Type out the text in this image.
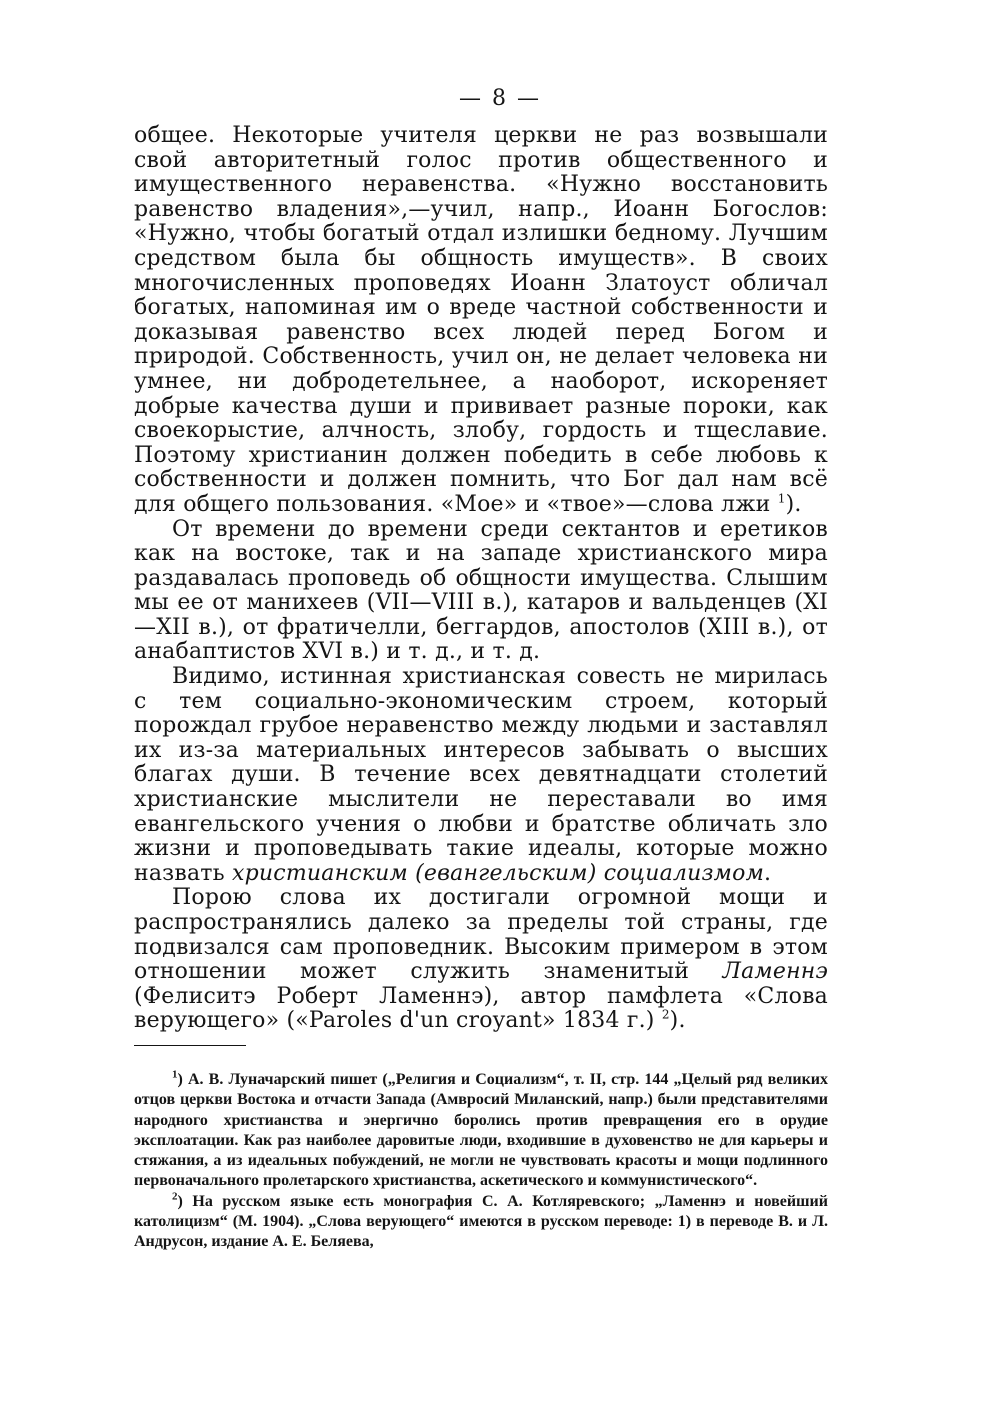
— 8 —

общее. Некоторые учителя церкви не раз возвышали свой авторитетный голос против общественного и имущественного неравенства. «Нужно восстановить равенство владения»,—учил, напр., Иоанн Богослов: «Нужно, чтобы богатый отдал излишки бедному. Лучшим средством была бы общность имуществ». В своих многочисленных проповедях Иоанн Златоуст обличал богатых, напоминая им о вреде частной собственности и доказывая равенство всех людей перед Богом и природой. Собственность, учил он, не делает человека ни умнее, ни добродетельнее, а наоборот, искореняет добрые качества души и прививает разные пороки, как своекорыстие, алчность, злобу, гордость и тщеславие. Поэтому христианин должен победить в себе любовь к собственности и должен помнить, что Бог дал нам всё для общего пользования. «Мое» и «твое»—слова лжи $^1$).

От времени до времени среди сектантов и еретиков как на востоке, так и на западе христианского мира раздавалась проповедь об общности имущества. Слышим мы ее от манихеев (VII—VIII в.), катаров и вальденцев (XI—XII в.), от фратичелли, беггардов, апостолов (XIII в.), от анабаптистов XVI в.) и т. д., и т. д.

Видимо, истинная христианская совесть не мирилась с тем социально-экономическим строем, который порождал грубое неравенство между людьми и заставлял их из-за материальных интересов забывать о высших благах души. В течение всех девятнадцати столетий христианские мыслители не переставали во имя евангельского учения о любви и братстве обличать зло жизни и проповедывать такие идеалы, которые можно назвать христианским (евангельским) социализмом.

Порою слова их достигали огромной мощи и распространялись далеко за пределы той страны, где подвизался сам проповедник. Высоким примером в этом отношении может служить знаменитый Ламеннэ (Фелиситэ Роберт Ламеннэ), автор памфлета «Слова верующего» («Paroles d'un croyant» 1834 г.) $^2$).

$^1$) А. В. Луначарский пишет („Религия и Социализм“, т. II, стр. 144 „Целый ряд великих отцов церкви Востока и отчасти Запада (Амвросий Миланский, напр.) были представителями народного христианства и энергично боролись против превращения его в орудие эксплоатации. Как раз наиболее даровитые люди, входившие в духовенство не для карьеры и стяжания, а из идеальных побуждений, не могли не чувствовать красоты и мощи подлинного первоначального пролетарского христианства, аскетического и коммунистического“.

$^2$) На русском языке есть монография С. А. Котляревского; „Ламеннэ и новейший католицизм“ (М. 1904). „Слова верующего“ имеются в русском переводе: 1) в переводе В. и Л. Андрусон, издание А. Е. Беляева,
